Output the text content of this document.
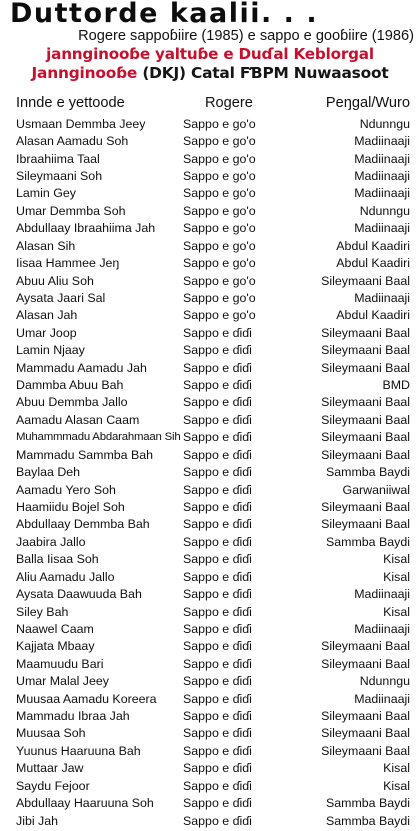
Duttorde kaalii. . .
Rogere sappoɓiire (1985) e sappo e gooɓiire (1986)
jannginooɓe yaltuɓe e Duɗal Keblorgal
Jannginooɓe (DKJ) Catal FƁPM Nuwaasoot
Innde e yettoode	Rogere	Peŋgal/Wuro
Usmaan Demmba Jeey	Sappo e go'o	Ndunngu
Alasan Aamadu Soh	Sappo e go'o	Madiinaaji
Ibraahiima Taal	Sappo e go'o	Madiinaaji
Sileymaani Soh	Sappo e go'o	Madiinaaji
Lamin Gey	Sappo e go'o	Madiinaaji
Umar Demmba Soh	Sappo e go'o	Ndunngu
Abdullaay Ibraahiima Jah Sappo e go'o	Madiinaaji
Alasan Sih	Sappo e go'o	Abdul Kaadiri
Iisaa Hammee Jeŋ	Sappo e go'o	Abdul Kaadiri
Abuu Aliu Soh	Sappo e go'o	Sileymaani Baal
Aysata Jaari Sal	Sappo e go'o	Madiinaaji
Alasan Jah	Sappo e go'o	Abdul Kaadiri
Umar Joop	Sappo e ɗiɗi	Sileymaani Baal
Lamin Njaay	Sappo e ɗiɗi	Sileymaani Baal
Mammadu Aamadu Jah	Sappo e ɗiɗi	Sileymaani Baal
Dammba Abuu Bah	Sappo e ɗiɗi	BMD
Abuu Demmba Jallo	Sappo e ɗiɗi	Sileymaani Baal
Aamadu Alasan Caam	Sappo e ɗiɗi	Sileymaani Baal
Muhammmadu Abdarahmaan Sih Sappo e ɗiɗi	Sileymaani Baal
Mammadu Sammba Bah Sappo e ɗiɗi	Sileymaani Baal
Baylaa Deh	Sappo e ɗiɗi	Sammba Baydi
Aamadu Yero Soh	Sappo e ɗiɗi	Garwaniiwal
Haamiidu Bojel Soh	Sappo e ɗiɗi	Sileymaani Baal
Abdullaay Demmba Bah	Sappo e ɗiɗi	Sileymaani Baal
Jaabira Jallo	Sappo e ɗiɗi	Sammba Baydi
Balla Iisaa Soh	Sappo e ɗiɗi	Kisal
Aliu Aamadu Jallo	Sappo e ɗiɗi	Kisal
Aysata Daawuuda Bah	Sappo e ɗiɗi	Madiinaaji
Siley Bah	Sappo e ɗiɗi	Kisal
Naawel Caam	Sappo e ɗiɗi	Madiinaaji
Kajjata Mbaay	Sappo e ɗiɗi	Sileymaani Baal
Maamuudu Bari	Sappo e ɗiɗi	Sileymaani Baal
Umar Malal Jeey	Sappo e ɗiɗi	Ndunngu
Muusaa Aamadu Koreera Sappo e ɗiɗi	Madiinaaji
Mammadu Ibraa Jah	Sappo e ɗiɗi	Sileymaani Baal
Muusaa Soh	Sappo e ɗiɗi	Sileymaani Baal
Yuunus Haaruuna Bah	Sappo e ɗiɗi	Sileymaani Baal
Muttaar Jaw	Sappo e ɗiɗi	Kisal
Saydu Fejoor	Sappo e ɗiɗi	Kisal
Abdullaay Haaruuna Soh Sappo e ɗiɗi	Sammba Baydi
Jibi Jah	Sappo e ɗiɗi	Sammba Baydi
